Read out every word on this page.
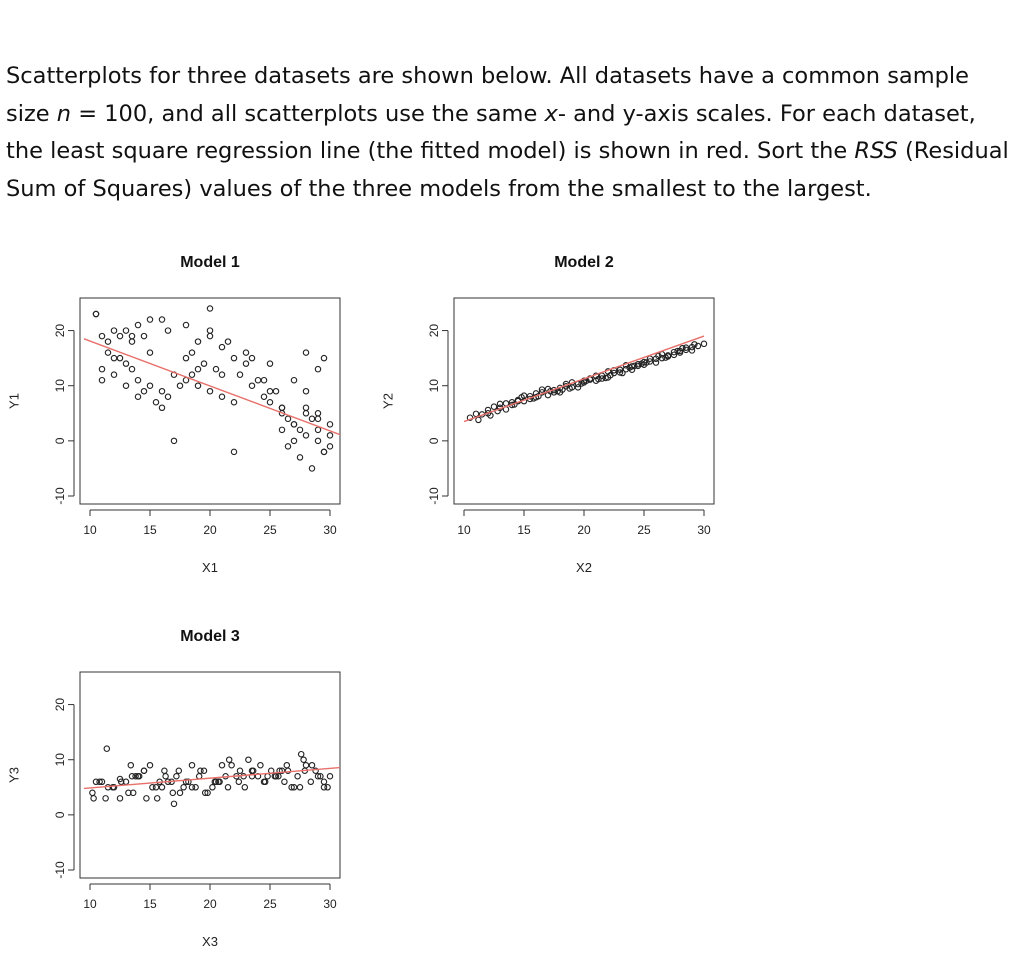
Scatterplots for three datasets are shown below. All datasets have a common sample size n = 100, and all scatterplots use the same x- and y-axis scales. For each dataset, the least square regression line (the fitted model) is shown in red. Sort the RSS (Residual Sum of Squares) values of the three models from the smallest to the largest.

Model 1
10	15	20	25	30
X1
-10
0
10
20
Y1
Model 2
10	15	20	25	30
X2
-10
0
10
20
Y2
Model 3
10	15	20	25	30
X3
-10
0
10
20
Y3
